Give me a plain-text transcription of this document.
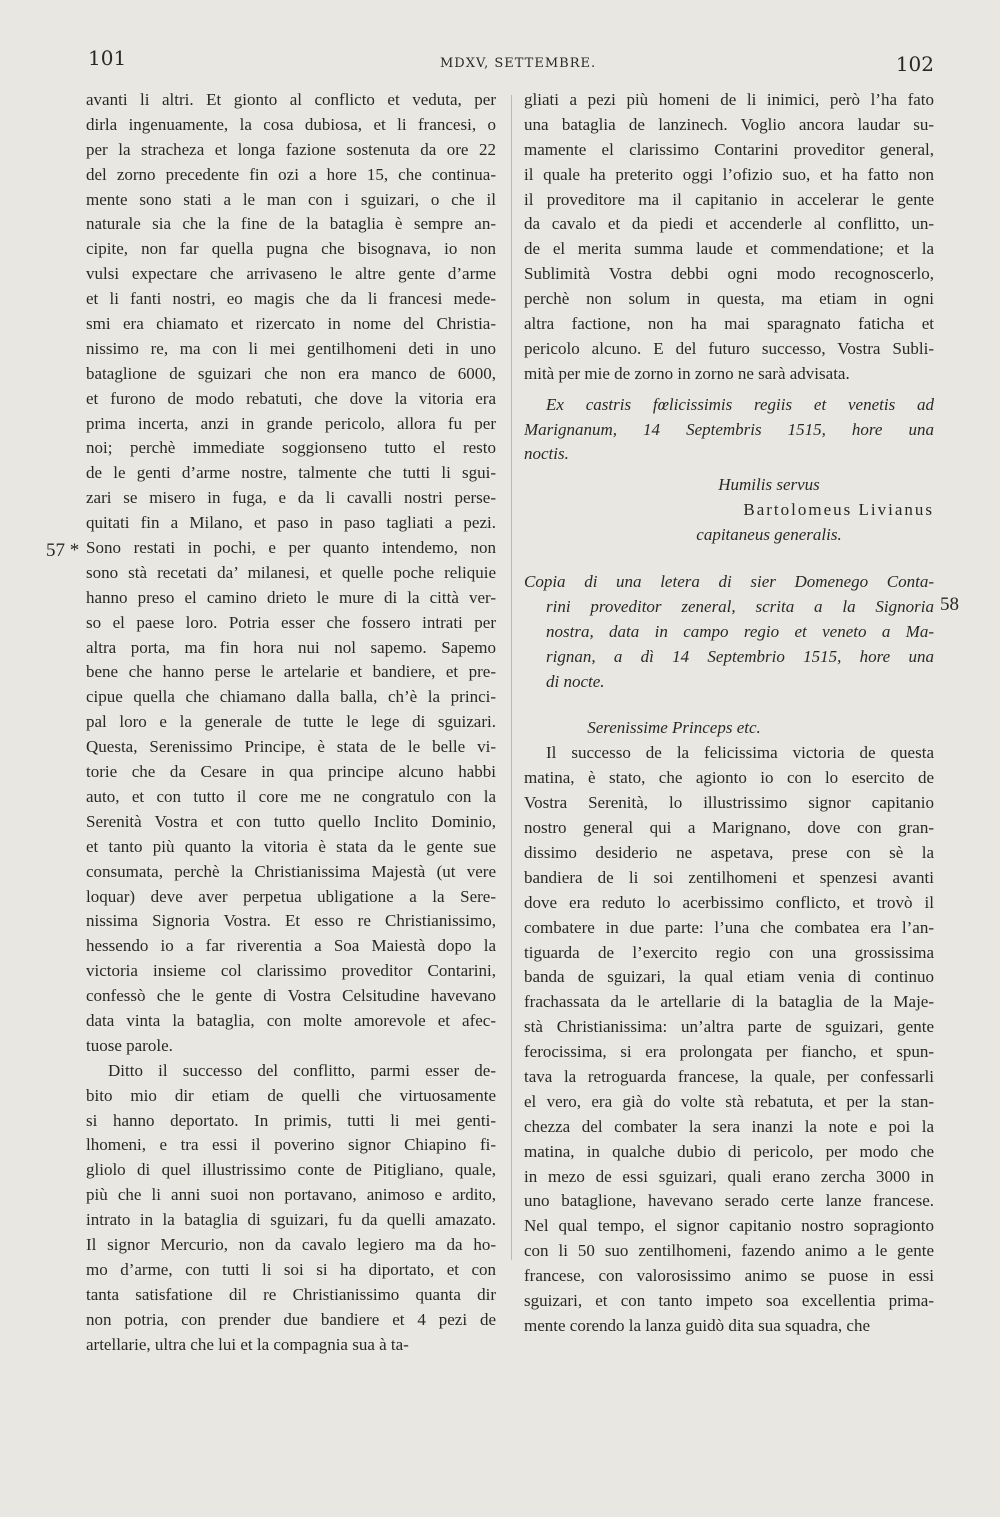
101	MDXV, SETTEMBRE.	102
57 *
58
avanti li altri. Et gionto al conflicto et veduta, per
dirla ingenuamente, la cosa dubiosa, et li francesi, o
per la stracheza et longa fazione sostenuta da ore 22
del zorno precedente fin ozi a hore 15, che continua-
mente sono stati a le man con i sguizari, o che il
naturale sia che la fine de la bataglia è sempre an-
cipite, non far quella pugna che bisognava, io non
vulsi expectare che arrivaseno le altre gente d’arme
et li fanti nostri, eo magis che da li francesi mede-
smi era chiamato et rizercato in nome del Christia-
nissimo re, ma con li mei gentilhomeni deti in uno
bataglione de sguizari che non era manco de 6000,
et furono de modo rebatuti, che dove la vitoria era
prima incerta, anzi in grande pericolo, allora fu per
noi; perchè immediate soggionseno tutto el resto
de le genti d’arme nostre, talmente che tutti li sgui-
zari se misero in fuga, e da li cavalli nostri perse-
quitati fin a Milano, et paso in paso tagliati a pezi.
Sono restati in pochi, e per quanto intendemo, non
sono stà recetati da’ milanesi, et quelle poche reliquie
hanno preso el camino drieto le mure di la città ver-
so el paese loro. Potria esser che fossero intrati per
altra porta, ma fin hora nui nol sapemo. Sapemo
bene che hanno perse le artelarie et bandiere, et pre-
cipue quella che chiamano dalla balla, ch’è la princi-
pal loro e la generale de tutte le lege di sguizari.
Questa, Serenissimo Principe, è stata de le belle vi-
torie che da Cesare in qua principe alcuno habbi
auto, et con tutto il core me ne congratulo con la
Serenità Vostra et con tutto quello Inclito Dominio,
et tanto più quanto la vitoria è stata da le gente sue
consumata, perchè la Christianissima Majestà (ut vere
loquar) deve aver perpetua ubligatione a la Sere-
nissima Signoria Vostra. Et esso re Christianissimo,
hessendo io a far riverentia a Soa Maiestà dopo la
victoria insieme col clarissimo proveditor Contarini,
confessò che le gente di Vostra Celsitudine havevano
data vinta la bataglia, con molte amorevole et afec-
tuose parole.
Ditto il successo del conflitto, parmi esser de-
bito mio dir etiam de quelli che virtuosamente
si hanno deportato. In primis, tutti li mei genti-
lhomeni, e tra essi il poverino signor Chiapino fi-
gliolo di quel illustrissimo conte de Pitigliano, quale,
più che li anni suoi non portavano, animoso e ardito,
intrato in la bataglia di sguizari, fu da quelli amazato.
Il signor Mercurio, non da cavalo legiero ma da ho-
mo d’arme, con tutti li soi si ha diportato, et con
tanta satisfatione dil re Christianissimo quanta dir
non potria, con prender due bandiere et 4 pezi de
artellarie, ultra che lui et la compagnia sua à ta-
gliati a pezi più homeni de li inimici, però l’ha fato
una bataglia de lanzinech. Voglio ancora laudar su-
mamente el clarissimo Contarini proveditor general,
il quale ha preterito oggi l’ofizio suo, et ha fatto non
il proveditore ma il capitanio in accelerar le gente
da cavalo et da piedi et accenderle al conflitto, un-
de el merita summa laude et commendatione; et la
Sublimità Vostra debbi ogni modo recognoscerlo,
perchè non solum in questa, ma etiam in ogni
altra factione, non ha mai sparagnato faticha et
pericolo alcuno. E del futuro successo, Vostra Subli-
mità per mie de zorno in zorno ne sarà advisata.
Ex castris fœlicissimis regiis et venetis ad
Marignanum, 14 Septembris 1515, hore una
noctis.
Humilis servus
Bartolomeus Livianus
capitaneus generalis.
Copia di una letera di sier Domenego Conta-
rini proveditor zeneral, scrita a la Signoria
nostra, data in campo regio et veneto a Ma-
rignan, a dì 14 Septembrio 1515, hore una
di nocte.
Serenissime Princeps etc.
Il successo de la felicissima victoria de questa
matina, è stato, che agionto io con lo esercito de
Vostra Serenità, lo illustrissimo signor capitanio
nostro general qui a Marignano, dove con gran-
dissimo desiderio ne aspetava, prese con sè la
bandiera de li soi zentilhomeni et spenzesi avanti
dove era reduto lo acerbissimo conflicto, et trovò il
combatere in due parte: l’una che combatea era l’an-
tiguarda de l’exercito regio con una grossissima
banda de sguizari, la qual etiam venia di continuo
frachassata da le artellarie di la bataglia de la Maje-
stà Christianissima: un’altra parte de sguizari, gente
ferocissima, si era prolongata per fiancho, et spun-
tava la retroguarda francese, la quale, per confessarli
el vero, era già do volte stà rebatuta, et per la stan-
chezza del combater la sera inanzi la note e poi la
matina, in qualche dubio di pericolo, per modo che
in mezo de essi sguizari, quali erano zercha 3000 in
uno bataglione, havevano serado certe lanze francese.
Nel qual tempo, el signor capitanio nostro sopragionto
con li 50 suo zentilhomeni, fazendo animo a le gente
francese, con valorosissimo animo se puose in essi
sguizari, et con tanto impeto soa excellentia prima-
mente corendo la lanza guidò dita sua squadra, che
